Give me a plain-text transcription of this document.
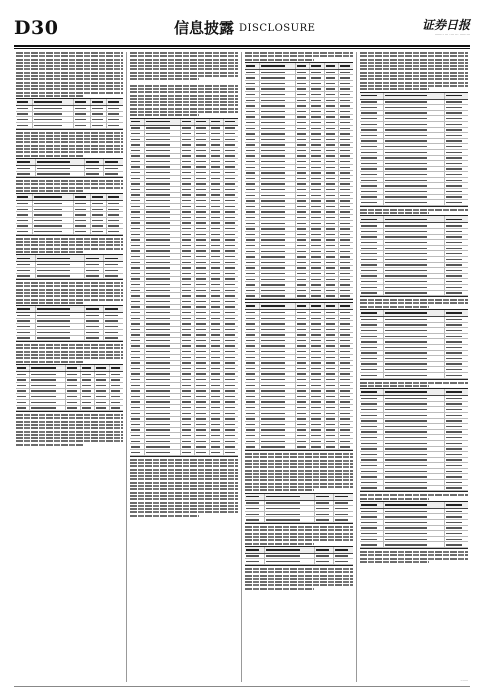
D30	信息披露 DISCLOSURE	证券日报
········ ··· ···· ··· ·········
·······
